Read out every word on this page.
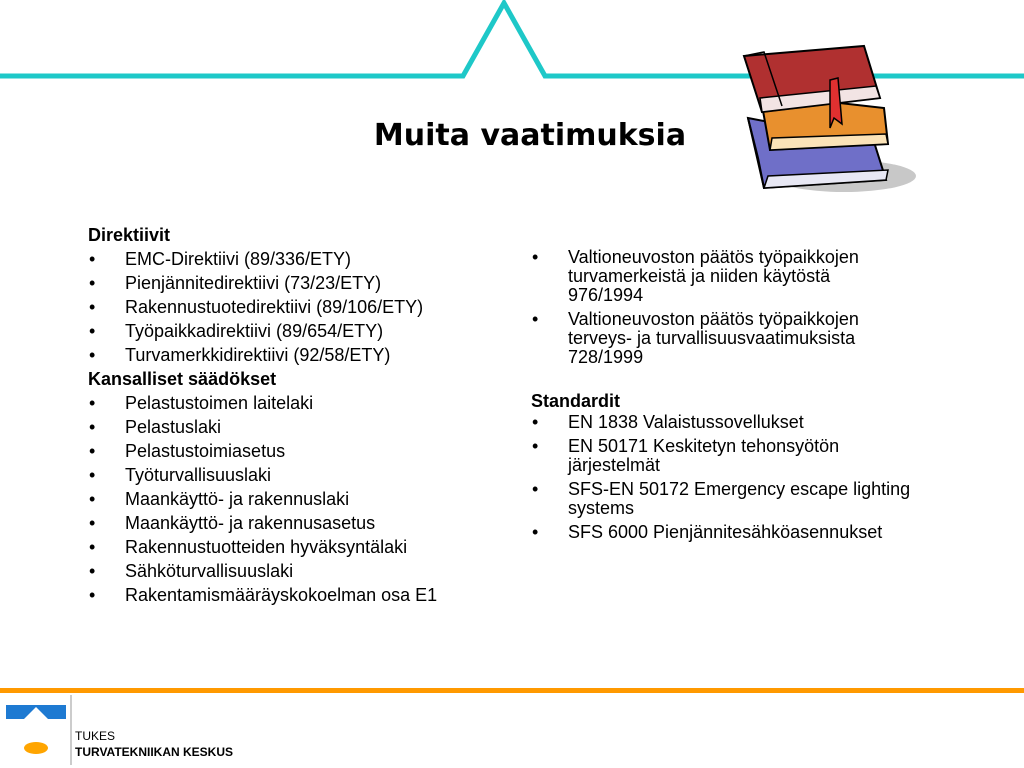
Muita vaatimuksia

Direktiivit

• EMC-Direktiivi (89/336/ETY)
• Pienjännitedirektiivi (73/23/ETY)
• Rakennustuotedirektiivi (89/106/ETY)
• Työpaikkadirektiivi (89/654/ETY)
• Turvamerkkidirektiivi (92/58/ETY)

Kansalliset säädökset

• Pelastustoimen laitelaki
• Pelastuslaki
• Pelastustoimiasetus
• Työturvallisuuslaki
• Maankäyttö- ja rakennuslaki
• Maankäyttö- ja rakennusasetus
• Rakennustuotteiden hyväksyntälaki
• Sähköturvallisuuslaki
• Rakentamismääräyskokoelman osa E1
• Valtioneuvoston päätös työpaikkojen
turvamerkeistä ja niiden käytöstä
976/1994
• Valtioneuvoston päätös työpaikkojen
terveys- ja turvallisuusvaatimuksista
728/1999

Standardit

• EN 1838 Valaistussovellukset
• EN 50171 Keskitetyn tehonsyötön
järjestelmät
• SFS-EN 50172 Emergency escape lighting
systems
• SFS 6000 Pienjännitesähköasennukset
TUKES
TURVATEKNIIKAN KESKUS
